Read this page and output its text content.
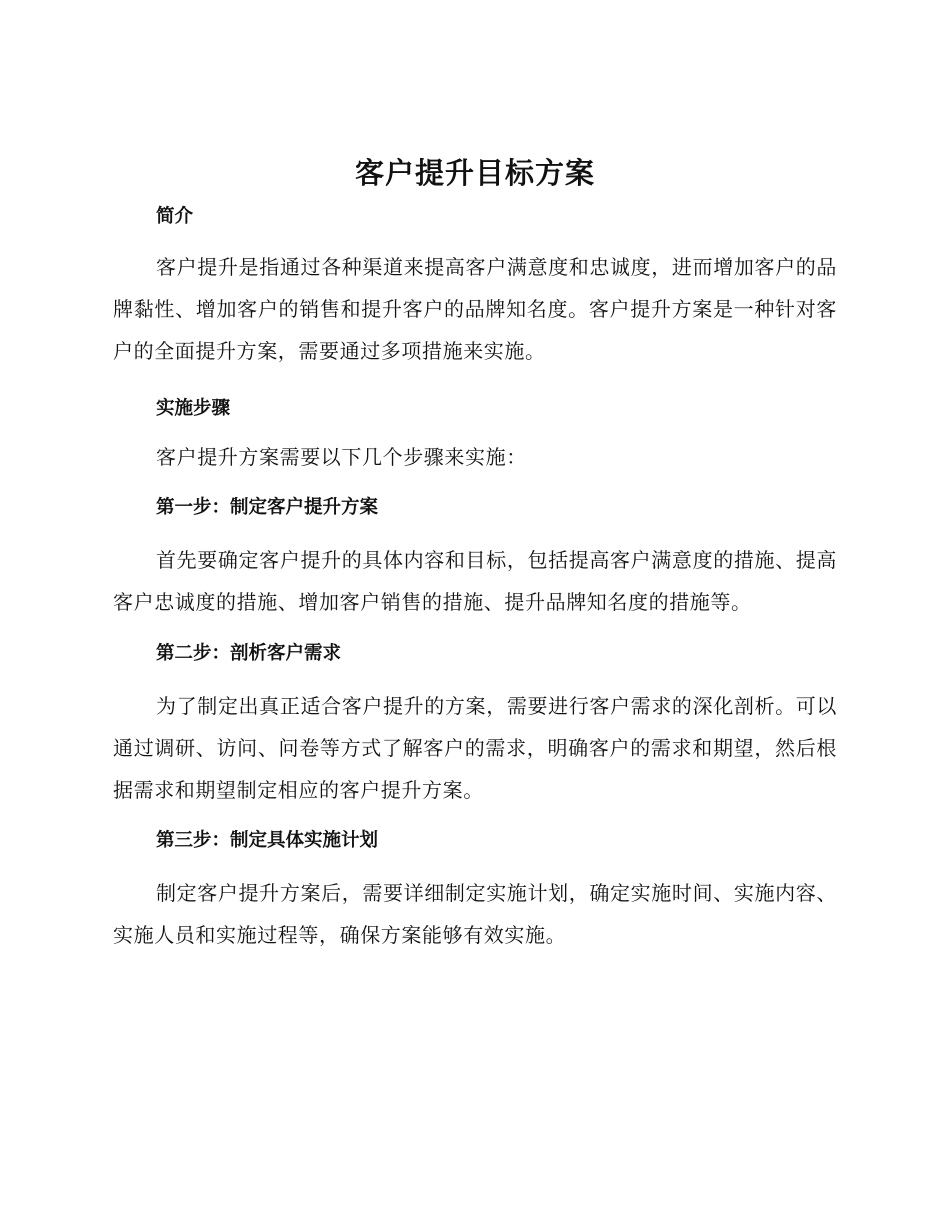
客户提升目标方案
简介

客户提升是指通过各种渠道来提高客户满意度和忠诚度，进而增加客户的品牌黏性、增加客户的销售和提升客户的品牌知名度。客户提升方案是一种针对客户的全面提升方案，需要通过多项措施来实施。

实施步骤

客户提升方案需要以下几个步骤来实施：

第一步：制定客户提升方案

首先要确定客户提升的具体内容和目标，包括提高客户满意度的措施、提高客户忠诚度的措施、增加客户销售的措施、提升品牌知名度的措施等。

第二步：剖析客户需求

为了制定出真正适合客户提升的方案，需要进行客户需求的深化剖析。可以通过调研、访问、问卷等方式了解客户的需求，明确客户的需求和期望，然后根据需求和期望制定相应的客户提升方案。

第三步：制定具体实施计划

制定客户提升方案后，需要详细制定实施计划，确定实施时间、实施内容、实施人员和实施过程等，确保方案能够有效实施。
